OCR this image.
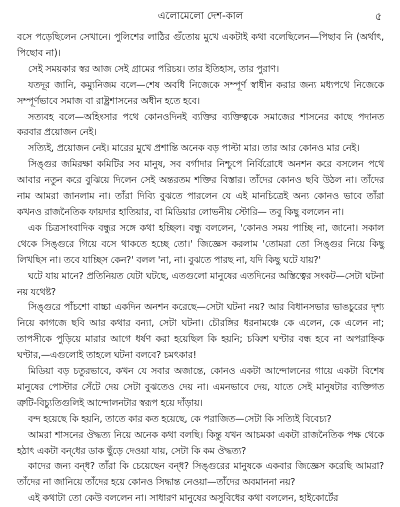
এলোমেলো দেশ-কাল	৫

বসে পড়েছিলেন সেখানে। পুলিশের লাঠির গুঁতোয় মুখে একটাই কথা বলেছিলেন—পিছাব নি (অর্থাৎ, পিছোব না)।

সেই সময়কার স্বর আজ সেই গ্রামের পরিচয়। তার ইতিহাস, তার পুরাণ।

যতদূর জানি, কম্যুনিজম বলে—শেষ অবধি নিজেকে সম্পূর্ণ স্বাধীন করার জন্য মধ্যপথে নিজেকে সম্পূর্ণভাবে সমাজ বা রাষ্ট্রশাসনের অধীন হতে হবে।

সত্যবহ বলে—অহিংসার পথে কোনওদিনই ব্যক্তির ব্যক্তিত্বকে সমাজের শাসনের কাছে পদানত করবার প্রয়োজন নেই।

সত্যিই, প্রয়োজন নেই। মারের মুখে প্রশান্তি অনেক বড় পাল্টা মার। তার আর কোনও মার নেই।

সিঙ্গুর জমিরক্ষা কমিটির সব মানুষ, সব বর্গাদার নিশ্চুপে নির্বিরোধে অনশন করে বসলেন পথে আবার নতুন করে বুঝিয়ে দিলেন সেই অন্তরতম শক্তির বিস্তার। তাঁদের কোনও ছবি উঠল না। তাঁদের নাম আমরা জানলাম না। তাঁরা দিব্যি বুঝতে পারলেন যে এই মানচিত্রেই অন্য কোনও ভাবে তাঁরা কখনও রাজনৈতিক ফায়দার হাতিয়ার, বা মিডিয়ার লোভনীয় স্টোরি— তবু কিছু বললেন না।

এক চিত্রসাংবাদিক বন্ধুর সঙ্গে কথা হচ্ছিল। বন্ধু বললেন, 'কোনও সময় পাচ্ছি না, জানো। সকাল থেকে সিঙ্গুরে গিয়ে বসে থাকতে হচ্ছে তো।' জিজ্ঞেস করলাম 'তোমরা তো সিঙ্গুর নিয়ে কিছু লিখছিস না। তবে যাচ্ছিস কেন?' বলল 'না, না। বুঝতে পারছ না, যদি কিছু ঘটে যায়?'

ঘটে যায় মানে? প্রতিনিয়ত যেটা ঘটছে, এতগুলো মানুষের এতদিনের অস্তিত্বের সংকট—সেটা ঘটনা নয় যথেষ্ট?

সিঙ্গুরে পাঁচশো বাচ্চা একদিন অনশন করেছে—সেটা ঘটনা নয়? আর বিধানসভার ভাঙচুরের দৃশ্য নিয়ে কাগজে ছবি আর কথার বন্যা, সেটা ঘটনা। চৌরঙ্গির ধরনামঞ্চে কে এলেন, কে এলেন না; তাপসীকে পুড়িয়ে মারার আগে ধর্ষণ করা হয়েছিল কি হয়নি; চব্বিশ ঘণ্টার বন্ধ হবে না অপরাহ্নিক ঘণ্টার,—এগুলোই তাহলে ঘটনা বলবে? চমৎকার!

মিডিয়া বড় চতুরভাবে, কখন যে সবার অজান্তে, কোনও একটা আন্দোলনের গায়ে একটা বিশেষ মানুষের পোস্টার সেঁটে দেয় সেটা বুঝতেও দেয় না। এমনভাবে দেয়, যাতে সেই মানুষটার ব্যক্তিগত ত্রুটি-বিচ্যুতিগুলিই আন্দোলনটার স্বরূপ হয়ে দাঁড়ায়।

বন্দ হয়েছে কি হয়নি, তাতে কার কত হয়েছে, কে পরাজিত—সেটা কি সত্যিই বিবেচ্য?

আমরা শাসনের ঔদ্ধত্য নিয়ে অনেক কথা বলছি। কিন্তু যখন আচমকা একটা রাজনৈতিক পক্ষ থেকে হঠাৎ একটা বন্‌ধের ডাক ছুঁড়ে দেওয়া যায়, সেটা কি কম ঔদ্ধত্য?

কাদের জন্য বন্‌ধ? তাঁরা কি চেয়েছেন বন্‌ধ? সিঙ্গুরের মানুষকে একবার জিজ্ঞেস করেছি আমরা? তাঁদের না জানিয়ে তাঁদের হয়ে কোনও সিদ্ধান্ত নেওয়া—তাঁদের অবমাননা নয়?

এই কথাটা তো কেউ বললেন না। সাধারণ মানুষের অসুবিধের কথা বললেন, হাইকোর্টের
